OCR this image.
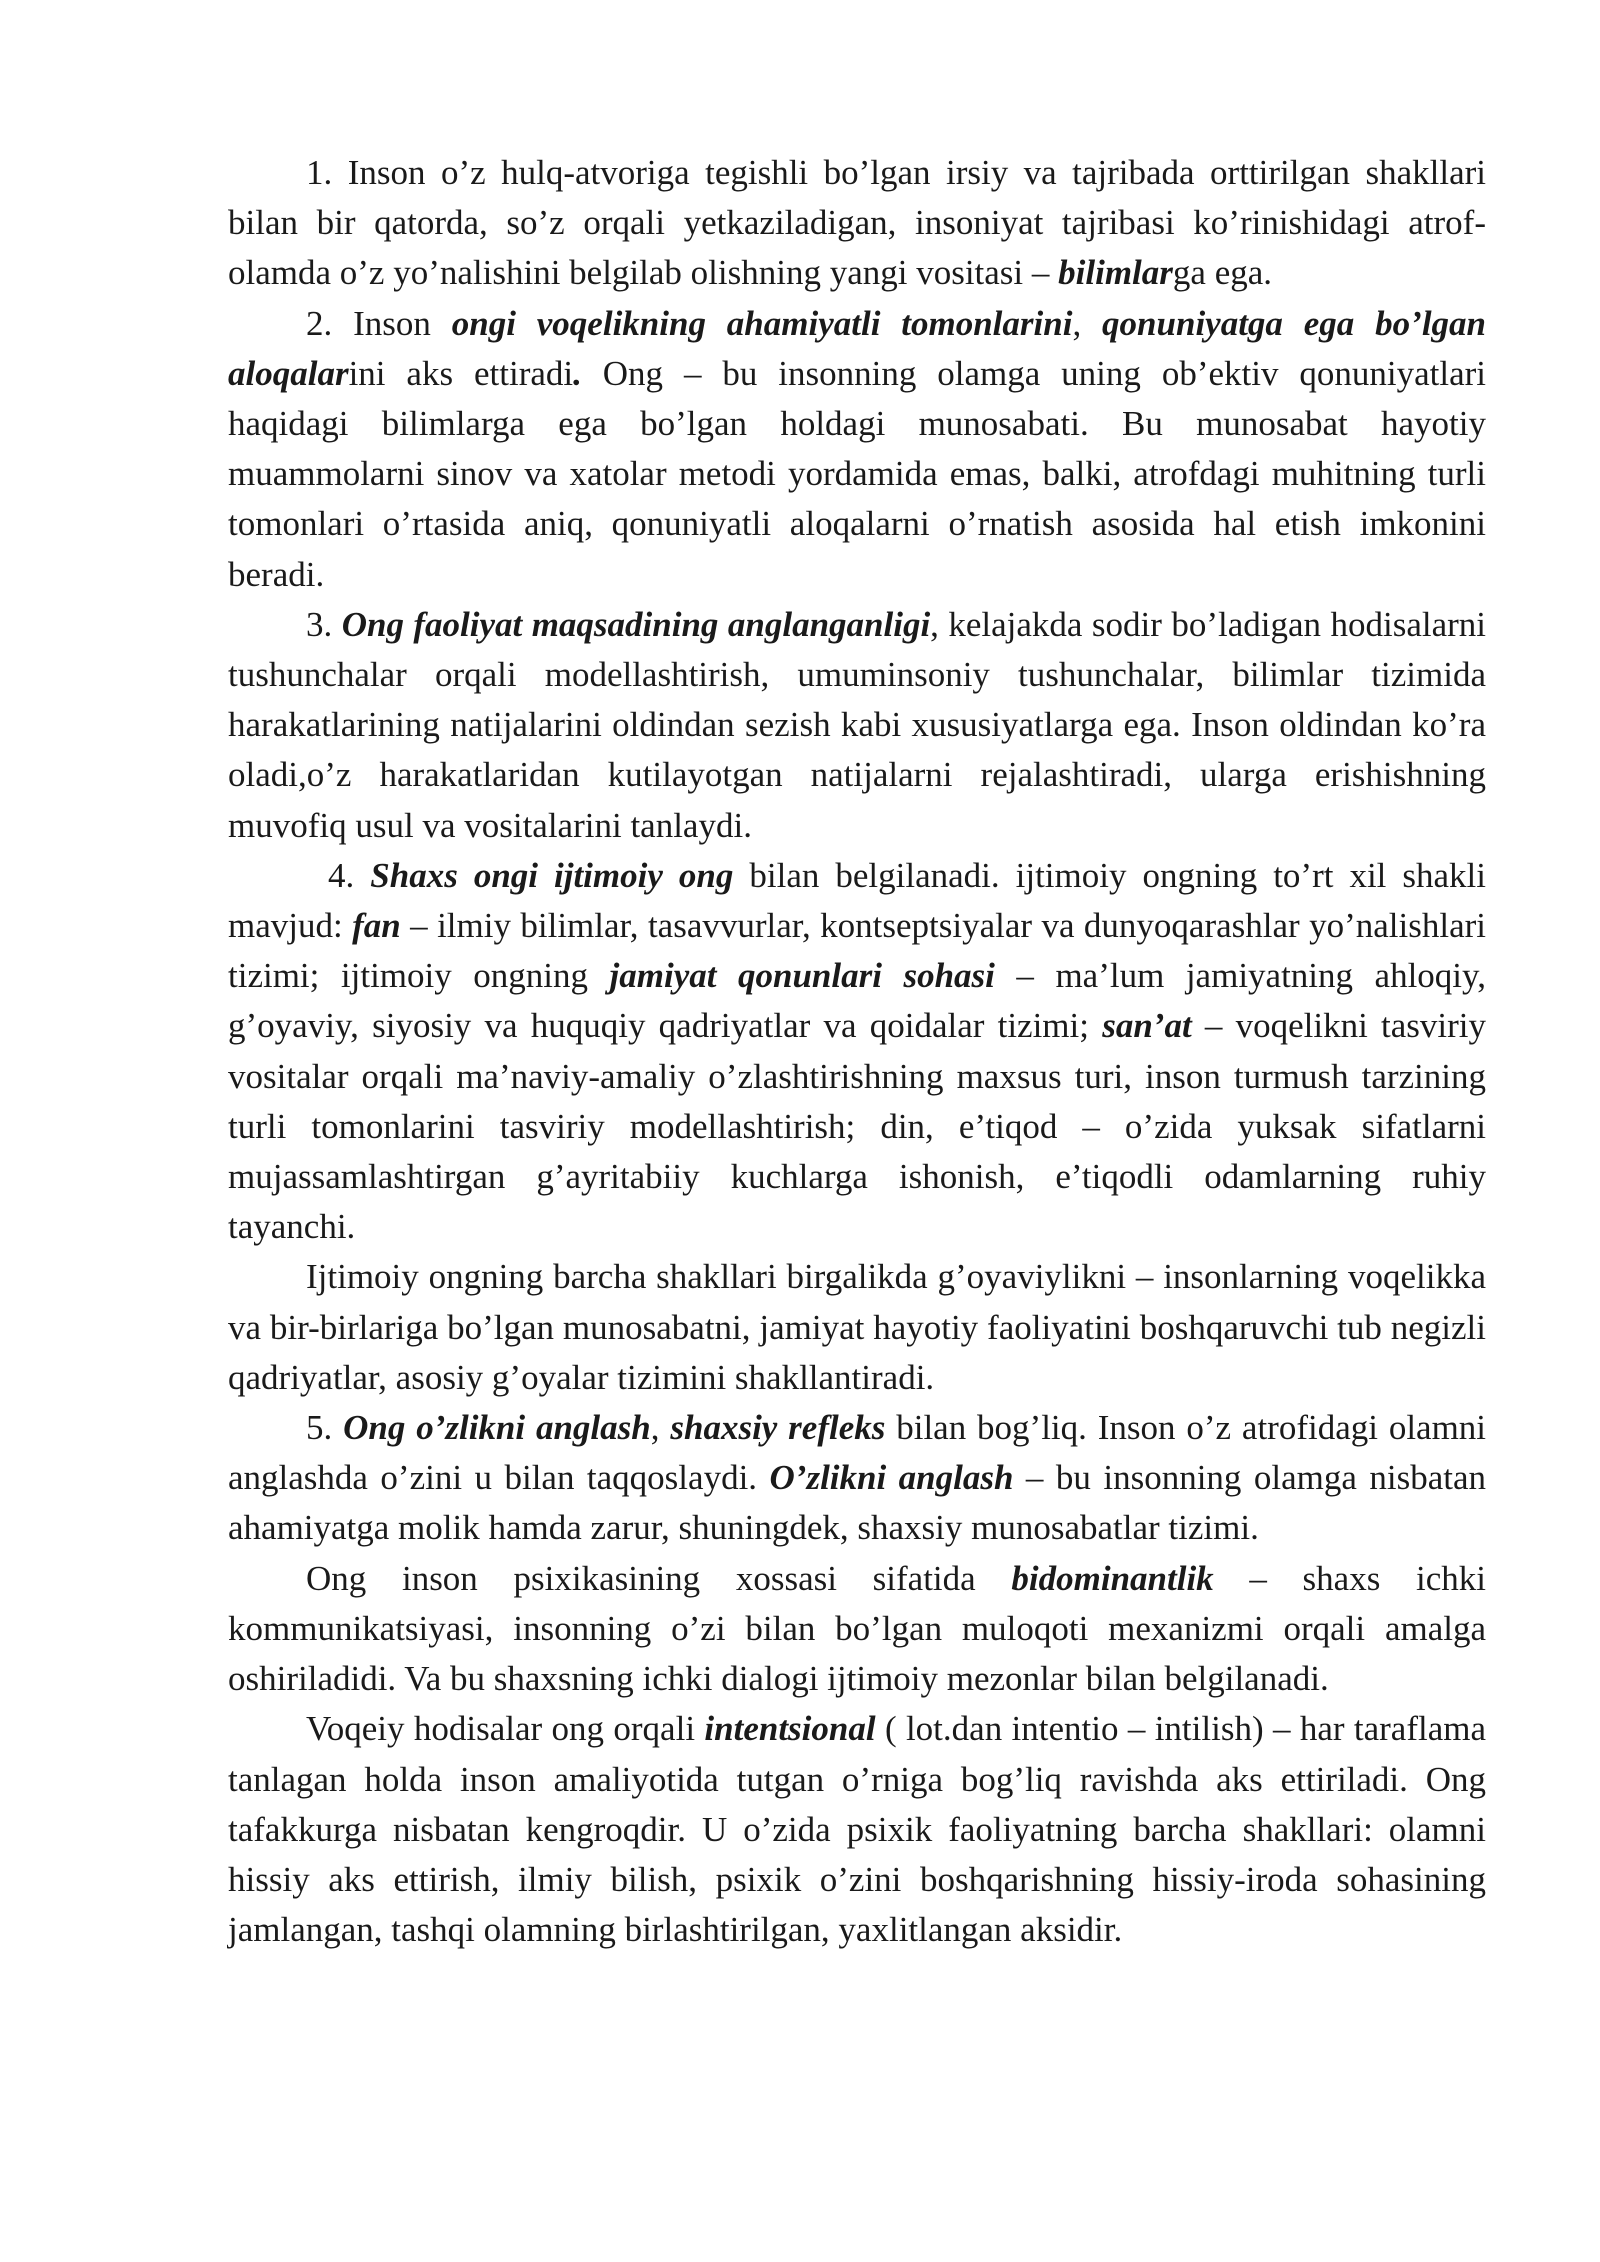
1. Inson o’z hulq-atvoriga tegishli bo’lgan irsiy va tajribada orttirilgan shakllari bilan bir qatorda, so’z orqali yetkaziladigan, insoniyat tajribasi ko’rinishidagi atrof-olamda o’z yo’nalishini belgilab olishning yangi vositasi – bilimlarga ega.

2. Inson ongi voqelikning ahamiyatli tomonlarini, qonuniyatga ega bo’lgan aloqalarini aks ettiradi. Ong – bu insonning olamga uning ob’ektiv qonuniyatlari haqidagi bilimlarga ega bo’lgan holdagi munosabati. Bu munosabat hayotiy muammolarni sinov va xatolar metodi yordamida emas, balki, atrofdagi muhitning turli tomonlari o’rtasida aniq, qonuniyatli aloqalarni o’rnatish asosida hal etish imkonini beradi.

3. Ong faoliyat maqsadining anglanganligi, kelajakda sodir bo’ladigan hodisalarni tushunchalar orqali modellashtirish, umuminsoniy tushunchalar, bilimlar tizimida harakatlarining natijalarini oldindan sezish kabi xususiyatlarga ega. Inson oldindan ko’ra oladi,o’z harakatlaridan kutilayotgan natijalarni rejalashtiradi, ularga erishishning muvofiq usul va vositalarini tanlaydi.

4. Shaxs ongi ijtimoiy ong bilan belgilanadi. ijtimoiy ongning to’rt xil shakli mavjud: fan – ilmiy bilimlar, tasavvurlar, kontseptsiyalar va dunyoqarashlar yo’nalishlari tizimi; ijtimoiy ongning jamiyat qonunlari sohasi – ma’lum jamiyatning ahloqiy, g’oyaviy, siyosiy va huquqiy qadriyatlar va qoidalar tizimi; san’at – voqelikni tasviriy vositalar orqali ma’naviy-amaliy o’zlashtirishning maxsus turi, inson turmush tarzining turli tomonlarini tasviriy modellashtirish; din, e’tiqod – o’zida yuksak sifatlarni mujassamlashtirgan g’ayritabiiy kuchlarga ishonish, e’tiqodli odamlarning ruhiy tayanchi.

Ijtimoiy ongning barcha shakllari birgalikda g’oyaviylikni – insonlarning voqelikka va bir-birlariga bo’lgan munosabatni, jamiyat hayotiy faoliyatini boshqaruvchi tub negizli qadriyatlar, asosiy g’oyalar tizimini shakllantiradi.

5. Ong o’zlikni anglash, shaxsiy refleks bilan bog’liq. Inson o’z atrofidagi olamni anglashda o’zini u bilan taqqoslaydi. O’zlikni anglash – bu insonning olamga nisbatan ahamiyatga molik hamda zarur, shuningdek, shaxsiy munosabatlar tizimi.

Ong inson psixikasining xossasi sifatida bidominantlik – shaxs ichki kommunikatsiyasi, insonning o’zi bilan bo’lgan muloqoti mexanizmi orqali amalga oshiriladidi. Va bu shaxsning ichki dialogi ijtimoiy mezonlar bilan belgilanadi.

Voqeiy hodisalar ong orqali intentsional ( lot.dan intentio – intilish) – har taraflama tanlagan holda inson amaliyotida tutgan o’rniga bog’liq ravishda aks ettiriladi. Ong tafakkurga nisbatan kengroqdir. U o’zida psixik faoliyatning barcha shakllari: olamni hissiy aks ettirish, ilmiy bilish, psixik o’zini boshqarishning hissiy-iroda sohasining jamlangan, tashqi olamning birlashtirilgan, yaxlitlangan aksidir.
